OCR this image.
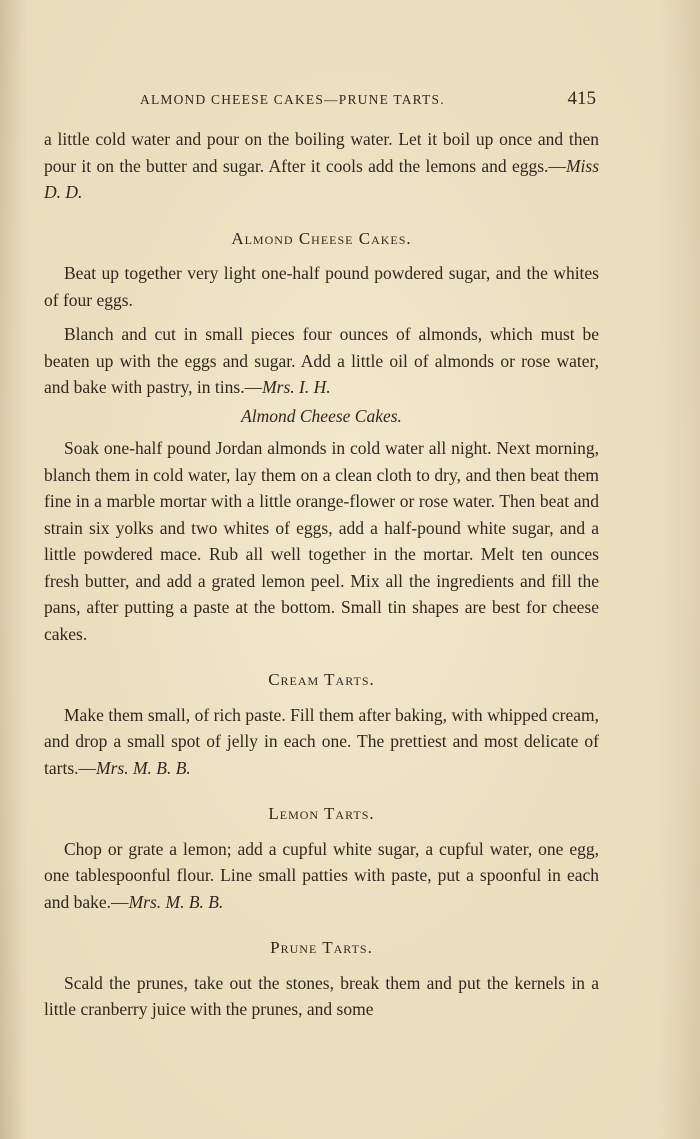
ALMOND CHEESE CAKES—PRUNE TARTS.	415

a little cold water and pour on the boiling water. Let it boil up once and then pour it on the butter and sugar. After it cools add the lemons and eggs.—Miss D. D.

Almond Cheese Cakes.

Beat up together very light one-half pound powdered sugar, and the whites of four eggs.

Blanch and cut in small pieces four ounces of almonds, which must be beaten up with the eggs and sugar. Add a little oil of almonds or rose water, and bake with pastry, in tins.—Mrs. I. H.

Almond Cheese Cakes.

Soak one-half pound Jordan almonds in cold water all night. Next morning, blanch them in cold water, lay them on a clean cloth to dry, and then beat them fine in a marble mortar with a little orange-flower or rose water. Then beat and strain six yolks and two whites of eggs, add a half-pound white sugar, and a little powdered mace. Rub all well together in the mortar. Melt ten ounces fresh butter, and add a grated lemon peel. Mix all the ingredients and fill the pans, after putting a paste at the bottom. Small tin shapes are best for cheese cakes.

Cream Tarts.

Make them small, of rich paste. Fill them after baking, with whipped cream, and drop a small spot of jelly in each one. The prettiest and most delicate of tarts.—Mrs. M. B. B.

Lemon Tarts.

Chop or grate a lemon; add a cupful white sugar, a cupful water, one egg, one tablespoonful flour. Line small patties with paste, put a spoonful in each and bake.—Mrs. M. B. B.

Prune Tarts.

Scald the prunes, take out the stones, break them and put the kernels in a little cranberry juice with the prunes, and some
